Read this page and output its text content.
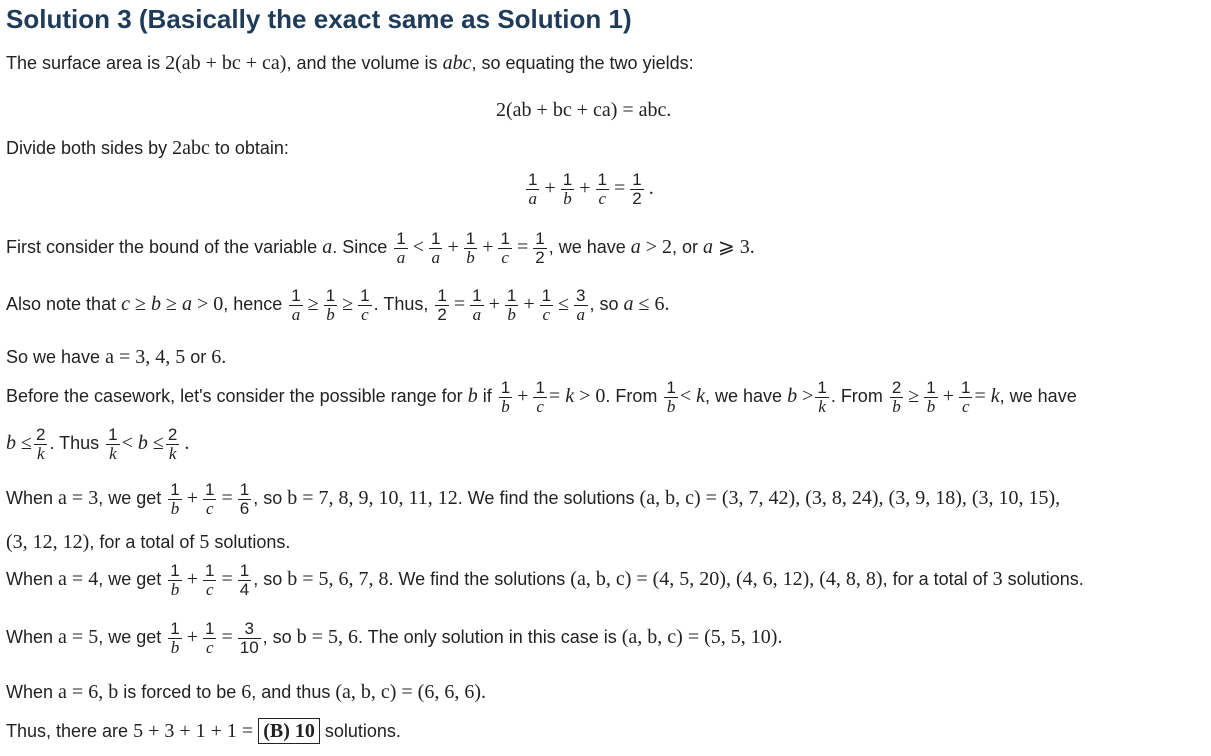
Solution 3 (Basically the exact same as Solution 1)
The surface area is 2(ab + bc + ca), and the volume is abc, so equating the two yields:
2(ab + bc + ca) = abc.
Divide both sides by 2abc to obtain:
$\frac{1}{a} + \frac{1}{b} + \frac{1}{c} = \frac{1}{2}$ .
First consider the bound of the variable a. Since $\frac{1}{a} < \frac{1}{a} + \frac{1}{b} + \frac{1}{c} = \frac{1}{2}$ , we have a > 2, or a ⩾ 3.
Also note that c ≥ b ≥ a > 0, hence $\frac{1}{a} \ge \frac{1}{b} \ge \frac{1}{c}$ . Thus, $\frac{1}{2} = \frac{1}{a} + \frac{1}{b} + \frac{1}{c} \le \frac{3}{a}$ , so a ≤ 6.
So we have a = 3, 4, 5 or 6.
Before the casework, let's consider the possible range for b if $\frac{1}{b} + \frac{1}{c} = k > 0$. From $\frac{1}{b} < k$, we have $b > \frac{1}{k}$ . From $\frac{2}{b} \ge \frac{1}{b} + \frac{1}{c} = k$, we have
$b \le \frac{2}{k}$ . Thus $\frac{1}{k} < b \le \frac{2}{k}$ .
When a = 3, we get $\frac{1}{b} + \frac{1}{c} = \frac{1}{6}$ , so b = 7, 8, 9, 10, 11, 12. We find the solutions (a, b, c) = (3, 7, 42), (3, 8, 24), (3, 9, 18), (3, 10, 15),
(3, 12, 12), for a total of 5 solutions.
When a = 4, we get $\frac{1}{b} + \frac{1}{c} = \frac{1}{4}$ , so b = 5, 6, 7, 8. We find the solutions (a, b, c) = (4, 5, 20), (4, 6, 12), (4, 8, 8), for a total of 3 solutions.
When a = 5, we get $\frac{1}{b} + \frac{1}{c} = \frac{3}{10}$ , so b = 5, 6. The only solution in this case is (a, b, c) = (5, 5, 10).
When a = 6, b is forced to be 6, and thus (a, b, c) = (6, 6, 6).
Thus, there are 5 + 3 + 1 + 1 = (B) 10 solutions.
